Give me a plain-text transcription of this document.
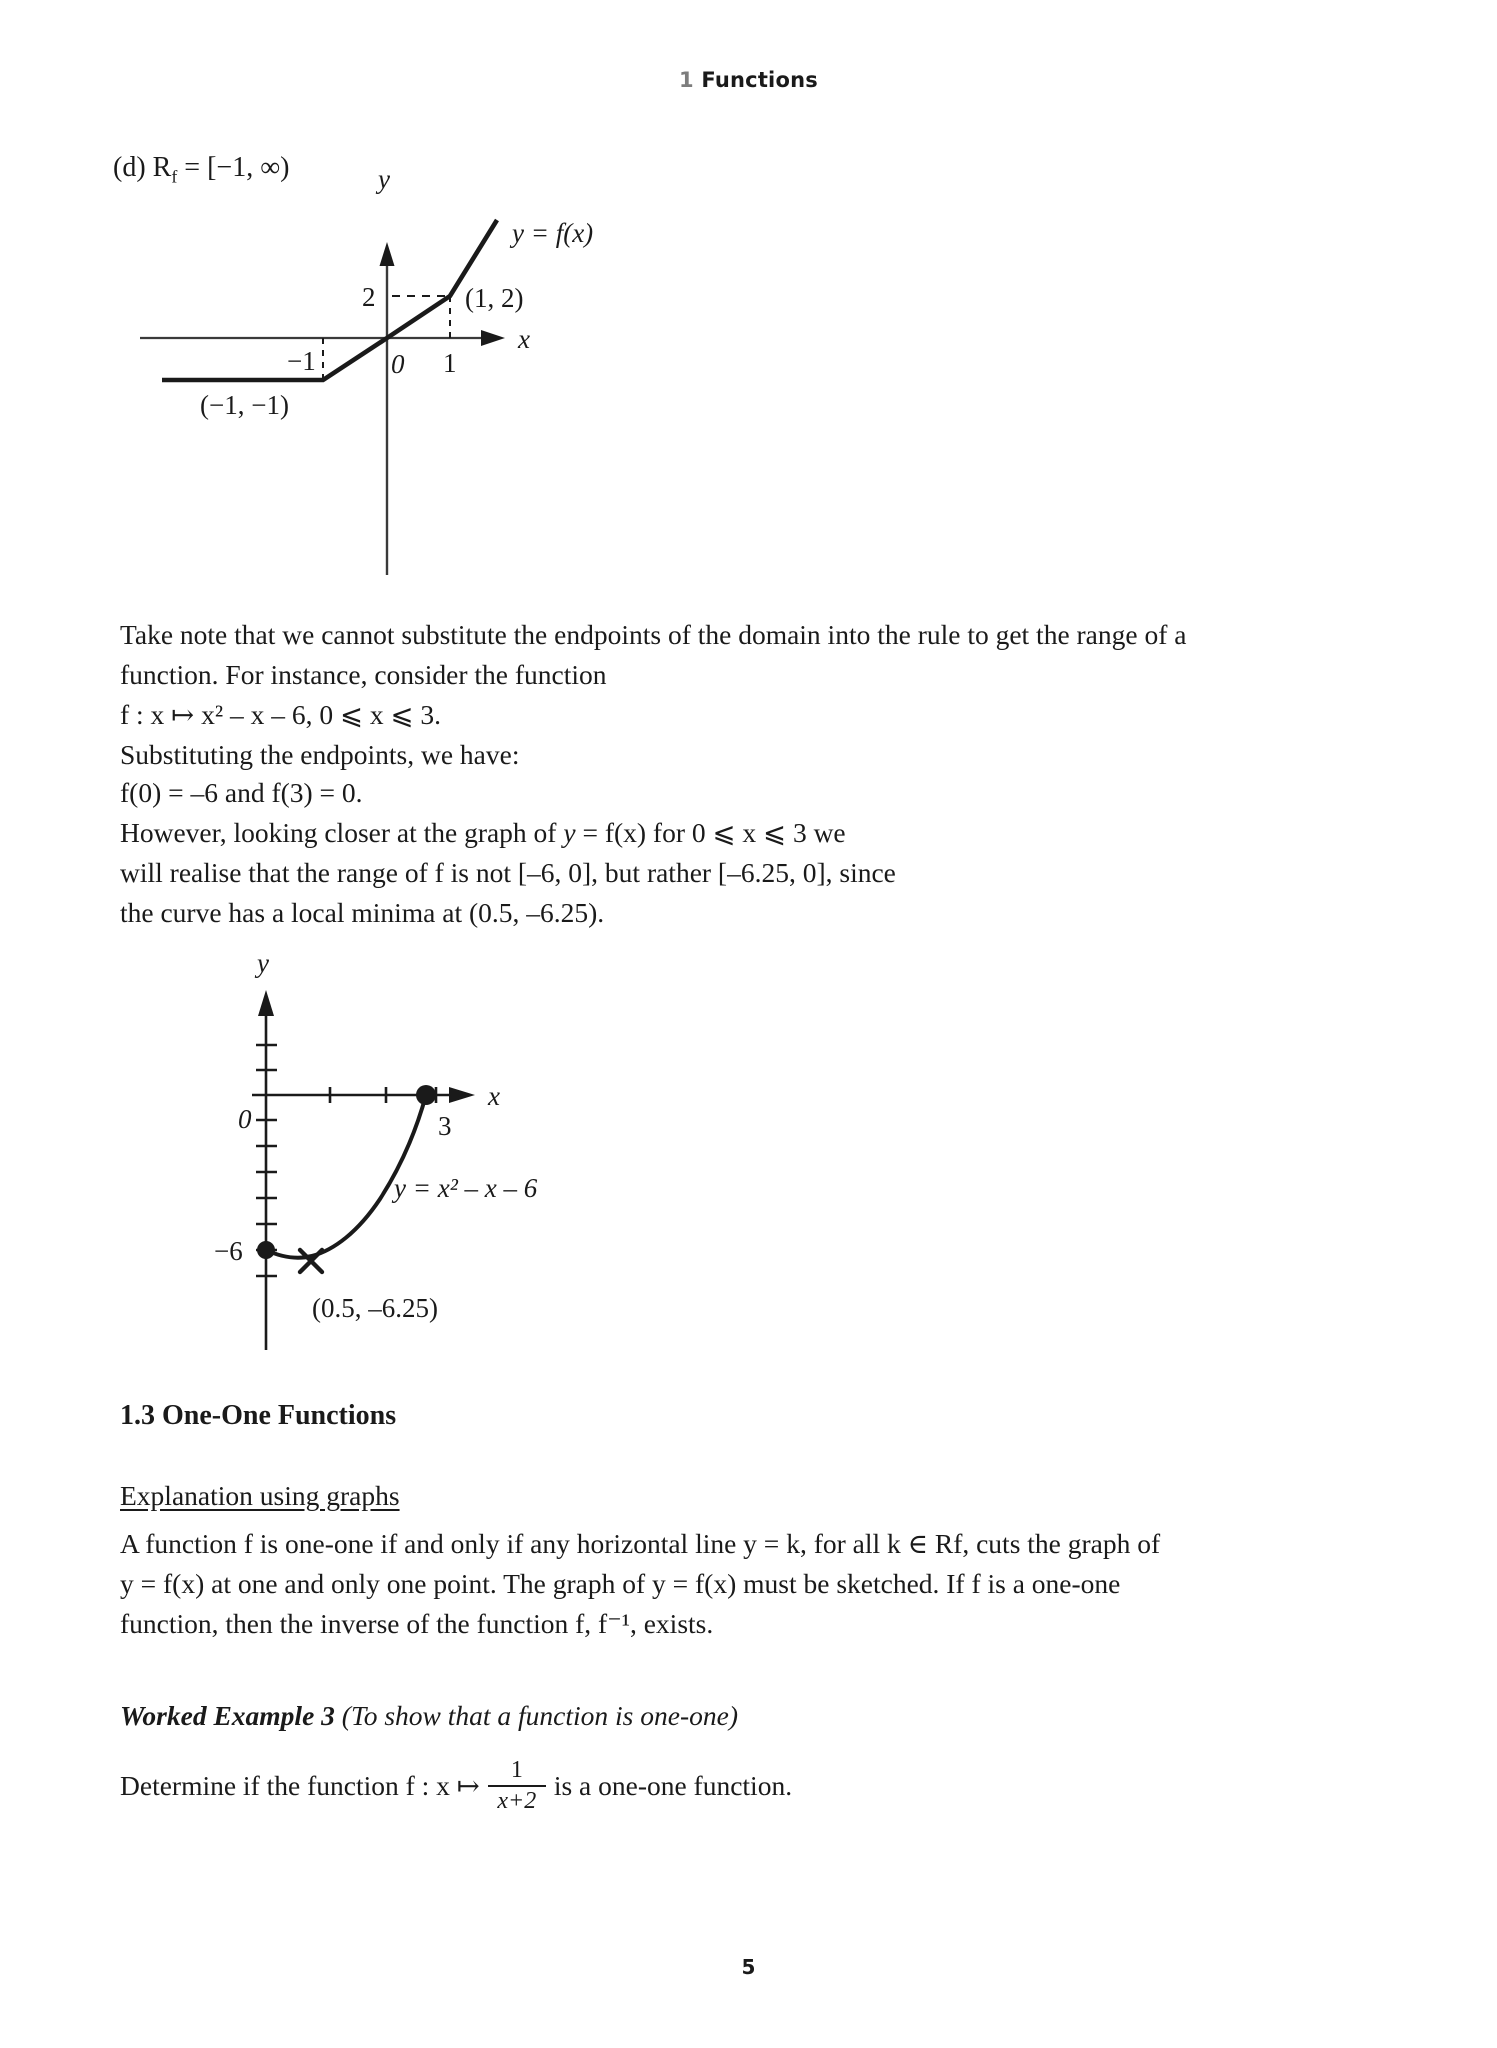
1 Functions
(d) $R_f = [-1$, ∞)	y
x
0
−1	1
2
y = f(x)
(1, 2)
(−1, −1)
Take note that we cannot substitute the endpoints of the domain into the rule to get the range of a
function. For instance, consider the function
f : x ↦ x² – x – 6, 0 ⩽ x ⩽ 3.
Substituting the endpoints, we have:
f(0) = –6 and f(3) = 0.
However, looking closer at the graph of y = f(x) for 0 ⩽ x ⩽ 3 we
will realise that the range of f is not [–6, 0], but rather [–6.25, 0], since
the curve has a local minima at (0.5, –6.25).
y
x
0
−6
3
y = x² – x – 6
(0.5, –6.25)
1.3 One-One Functions
Explanation using graphs
A function f is one-one if and only if any horizontal line y = k, for all k ∈ Rf, cuts the graph of
y = f(x) at one and only one point. The graph of y = f(x) must be sketched. If f is a one-one
function, then the inverse of the function f, f⁻¹, exists.
Worked Example 3 (To show that a function is one-one)
Determine if the function f : x ↦ $\frac{1}{x+2}$ is a one-one function.
5
